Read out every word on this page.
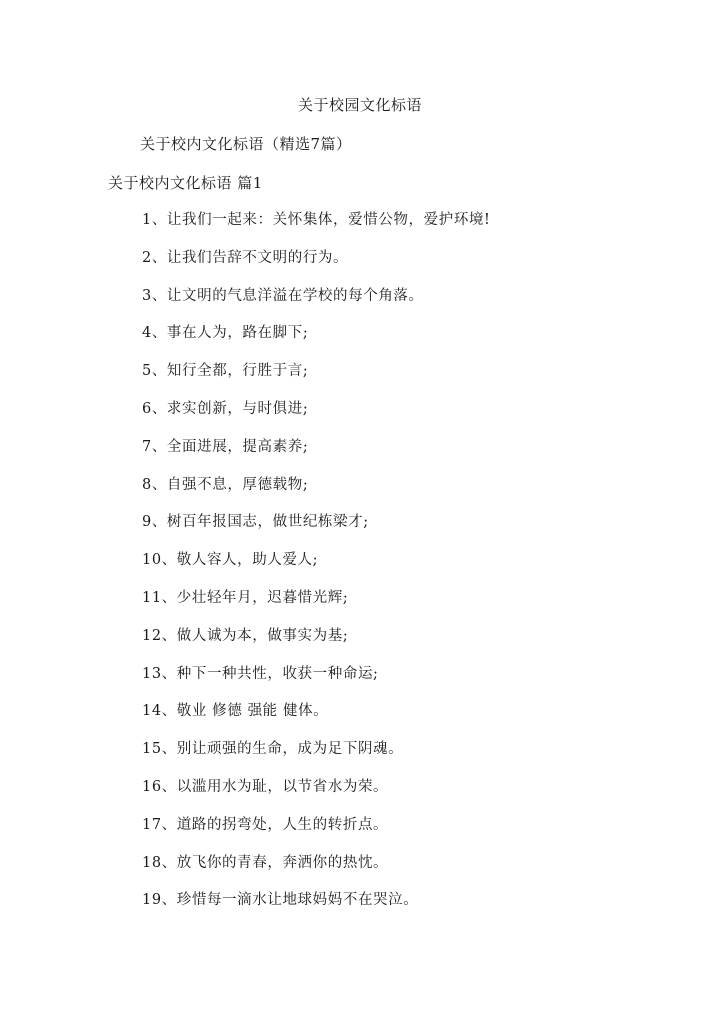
关于校园文化标语
关于校内文化标语（精选7篇）
关于校内文化标语 篇1
1、让我们一起来：关怀集体，爱惜公物，爱护环境!
2、让我们告辞不文明的行为。
3、让文明的气息洋溢在学校的每个角落。
4、事在人为，路在脚下;
5、知行全都，行胜于言;
6、求实创新，与时俱进;
7、全面进展，提高素养;
8、自强不息，厚德载物;
9、树百年报国志，做世纪栋梁才;
10、敬人容人，助人爱人;
11、少壮轻年月，迟暮惜光辉;
12、做人诚为本，做事实为基;
13、种下一种共性，收获一种命运;
14、敬业 修德 强能 健体。
15、别让顽强的生命，成为足下阴魂。
16、以滥用水为耻，以节省水为荣。
17、道路的拐弯处，人生的转折点。
18、放飞你的青春，奔洒你的热忱。
19、珍惜每一滴水让地球妈妈不在哭泣。
